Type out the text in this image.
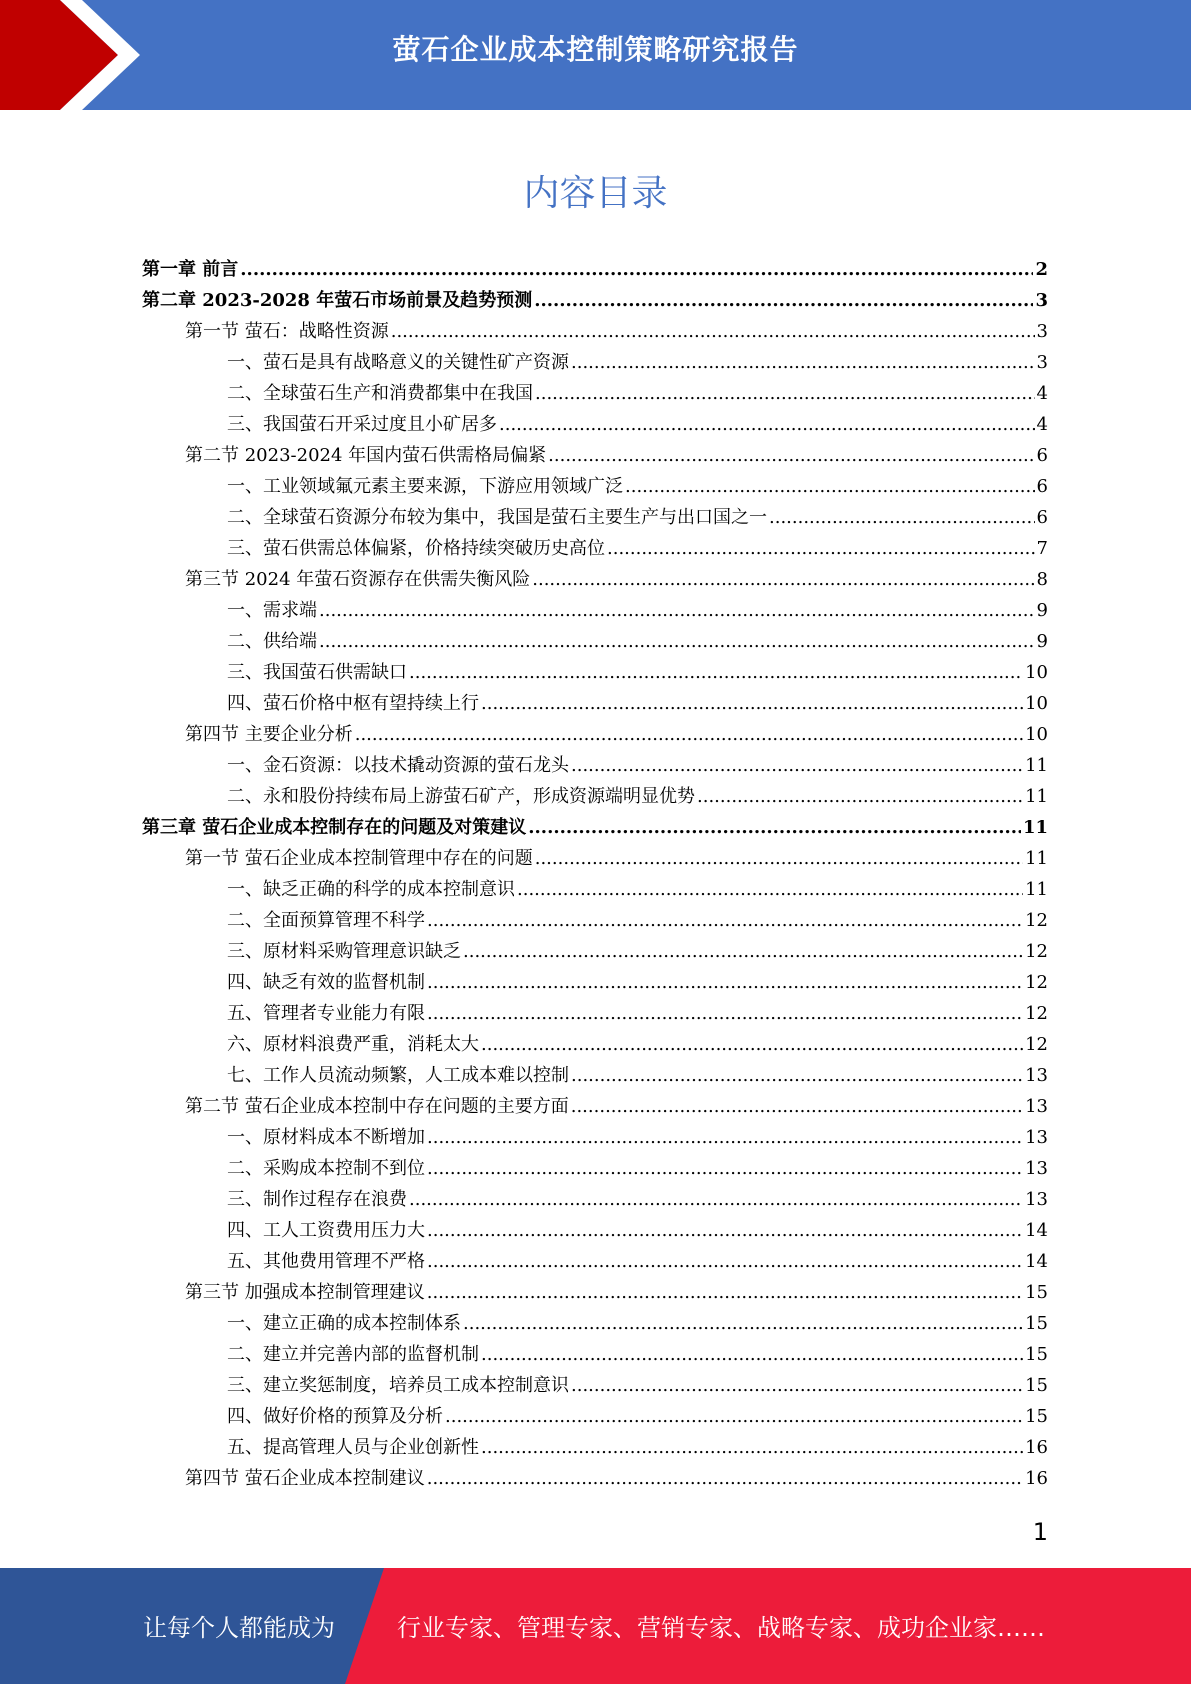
萤石企业成本控制策略研究报告
内容目录
第一章 前言 .....	2
第二章 2023-2028 年萤石市场前景及趋势预测 .....	3
第一节 萤石：战略性资源 .....	3
一、萤石是具有战略意义的关键性矿产资源 .....	3
二、全球萤石生产和消费都集中在我国 .....	4
三、我国萤石开采过度且小矿居多 .....	4
第二节 2023-2024 年国内萤石供需格局偏紧 .....	6
一、工业领域氟元素主要来源，下游应用领域广泛 .....	6
二、全球萤石资源分布较为集中，我国是萤石主要生产与出口国之一 .....	6
三、萤石供需总体偏紧，价格持续突破历史高位 .....	7
第三节 2024 年萤石资源存在供需失衡风险 .....	8
一、需求端 .....	9
二、供给端 .....	9
三、我国萤石供需缺口 .....	10
四、萤石价格中枢有望持续上行 .....	10
第四节 主要企业分析 .....	10
一、金石资源：以技术撬动资源的萤石龙头 .....	11
二、永和股份持续布局上游萤石矿产，形成资源端明显优势 .....	11
第三章 萤石企业成本控制存在的问题及对策建议 .....	11
第一节 萤石企业成本控制管理中存在的问题 .....	11
一、缺乏正确的科学的成本控制意识 .....	11
二、全面预算管理不科学 .....	12
三、原材料采购管理意识缺乏 .....	12
四、缺乏有效的监督机制 .....	12
五、管理者专业能力有限 .....	12
六、原材料浪费严重，消耗太大 .....	12
七、工作人员流动频繁，人工成本难以控制 .....	13
第二节 萤石企业成本控制中存在问题的主要方面 .....	13
一、原材料成本不断增加 .....	13
二、采购成本控制不到位 .....	13
三、制作过程存在浪费 .....	13
四、工人工资费用压力大 .....	14
五、其他费用管理不严格 .....	14
第三节 加强成本控制管理建议 .....	15
一、建立正确的成本控制体系 .....	15
二、建立并完善内部的监督机制 .....	15
三、建立奖惩制度，培养员工成本控制意识 .....	15
四、做好价格的预算及分析 .....	15
五、提高管理人员与企业创新性 .....	16
第四节 萤石企业成本控制建议 .....	16
1
让每个人都能成为	行业专家、管理专家、营销专家、战略专家、成功企业家……
